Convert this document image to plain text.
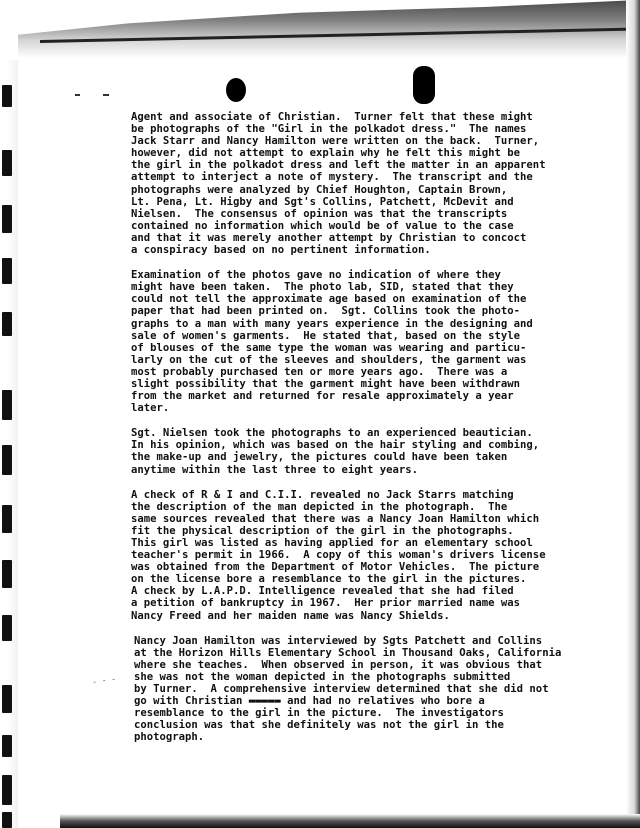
Agent and associate of Christian.  Turner felt that these might
be photographs of the "Girl in the polkadot dress."  The names
Jack Starr and Nancy Hamilton were written on the back.  Turner,
however, did not attempt to explain why he felt this might be
the girl in the polkadot dress and left the matter in an apparent
attempt to interject a note of mystery.  The transcript and the
photographs were analyzed by Chief Houghton, Captain Brown,
Lt. Pena, Lt. Higby and Sgt's Collins, Patchett, McDevit and
Nielsen.  The consensus of opinion was that the transcripts
contained no information which would be of value to the case
and that it was merely another attempt by Christian to concoct
a conspiracy based on no pertinent information.

Examination of the photos gave no indication of where they
might have been taken.  The photo lab, SID, stated that they
could not tell the approximate age based on examination of the
paper that had been printed on.  Sgt. Collins took the photo-
graphs to a man with many years experience in the designing and
sale of women's garments.  He stated that, based on the style
of blouses of the same type the woman was wearing and particu-
larly on the cut of the sleeves and shoulders, the garment was
most probably purchased ten or more years ago.  There was a
slight possibility that the garment might have been withdrawn
from the market and returned for resale approximately a year
later.

Sgt. Nielsen took the photographs to an experienced beautician.
In his opinion, which was based on the hair styling and combing,
the make-up and jewelry, the pictures could have been taken
anytime within the last three to eight years.

A check of R & I and C.I.I. revealed no Jack Starrs matching
the description of the man depicted in the photograph.  The
same sources revealed that there was a Nancy Joan Hamilton which
fit the physical description of the girl in the photographs.
This girl was listed as having applied for an elementary school
teacher's permit in 1966.  A copy of this woman's drivers license
was obtained from the Department of Motor Vehicles.  The picture
on the license bore a resemblance to the girl in the pictures.
A check by L.A.P.D. Intelligence revealed that she had filed
a petition of bankruptcy in 1967.  Her prior married name was
Nancy Freed and her maiden name was Nancy Shields.

Nancy Joan Hamilton was interviewed by Sgts Patchett and Collins
at the Horizon Hills Elementary School in Thousand Oaks, California
where she teaches.  When observed in person, it was obvious that
she was not the woman depicted in the photographs submitted
by Turner.  A comprehensive interview determined that she did not
go with Christian ▬▬▬▬▬ and had no relatives who bore a
resemblance to the girl in the picture.  The investigators
conclusion was that she definitely was not the girl in the
photograph.

- - -
